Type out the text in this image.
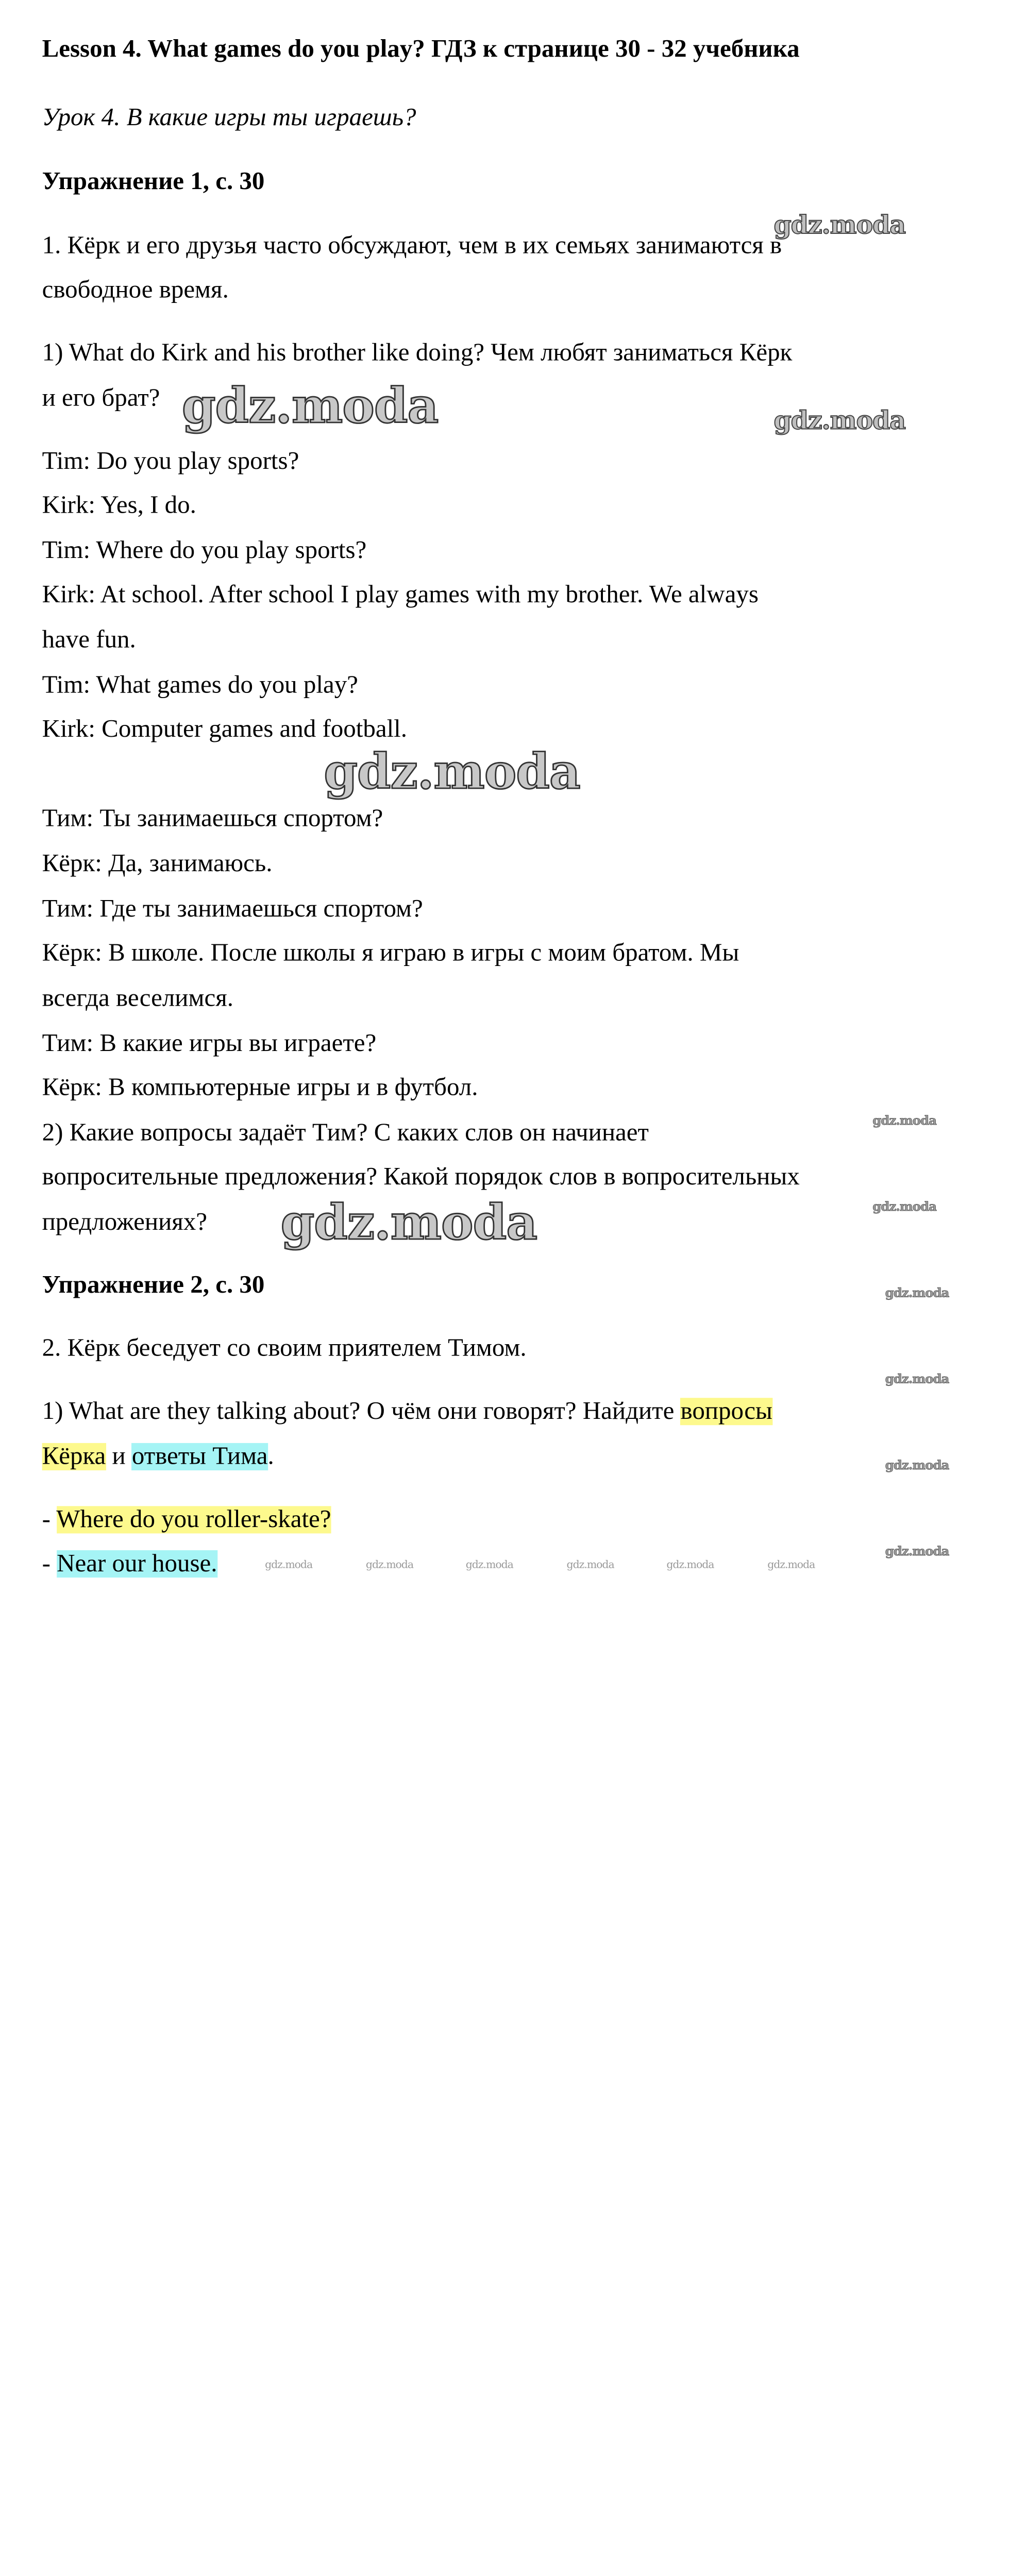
Lesson 4. What games do you play? ГДЗ к странице 30 - 32 учебника
Урок 4. В какие игры ты играешь?
Упражнение 1, с. 30
1. Кёрк и его друзья часто обсуждают, чем в их семьях занимаются в
свободное время.
1) What do Kirk and his brother like doing? Чем любят заниматься Кёрк
и его брат?
Tim: Do you play sports?
Kirk: Yes, I do.
Tim: Where do you play sports?
Kirk: At school. After school I play games with my brother. We always
have fun.
Tim: What games do you play?
Kirk: Computer games and football.
Тим: Ты занимаешься спортом?
Кёрк: Да, занимаюсь.
Тим: Где ты занимаешься спортом?
Кёрк: В школе. После школы я играю в игры с моим братом. Мы
всегда веселимся.
Тим: В какие игры вы играете?
Кёрк: В компьютерные игры и в футбол.
2) Какие вопросы задаёт Тим? С каких слов он начинает
вопросительные предложения? Какой порядок слов в вопросительных
предложениях?
Упражнение 2, с. 30
2. Кёрк беседует со своим приятелем Тимом.
1) What are they talking about? О чём они говорят? Найдите вопросы
Кёрка и ответы Тима.
- Where do you roller-skate?
- Near our house.
gdz.moda
gdz.moda
gdz.moda
gdz.moda
gdz.moda
gdz.moda
gdz.moda
gdz.moda
gdz.moda
gdz.moda
gdz.moda
gdz.moda	gdz.moda	gdz.moda	gdz.moda	gdz.moda	gdz.moda
